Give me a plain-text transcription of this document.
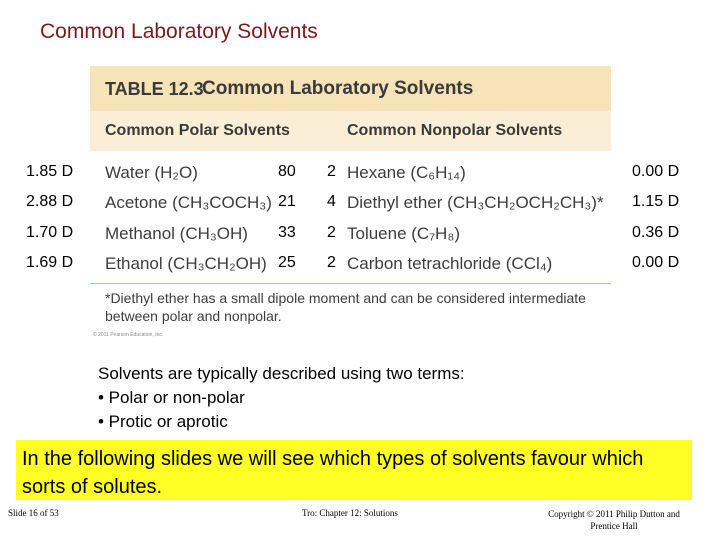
Common Laboratory Solvents
TABLE 12.3
Common Laboratory Solvents
Common Polar Solvents	Common Nonpolar Solvents
1.85 D Water (H₂O)	80 2 Hexane (C₆H₁₄)	0.00 D
2.88 D Acetone (CH₃COCH₃) 21 4 Diethyl ether (CH₃CH₂OCH₂CH₃)* 1.15 D
1.70 D Methanol (CH₃OH) 33 2 Toluene (C₇H₈)	0.36 D
1.69 D Ethanol (CH₃CH₂OH) 25 2 Carbon tetrachloride (CCl₄)	0.00 D
*Diethyl ether has a small dipole moment and can be considered intermediate between polar and nonpolar.
© 2011 Pearson Education, Inc.
Solvents are typically described using two terms:
• Polar or non-polar
• Protic or aprotic
In the following slides we will see which types of solvents favour which sorts of solutes.
Slide 16 of 53	Tro: Chapter 12: Solutions	Copyright © 2011 Philip Dutton and Prentice Hall
